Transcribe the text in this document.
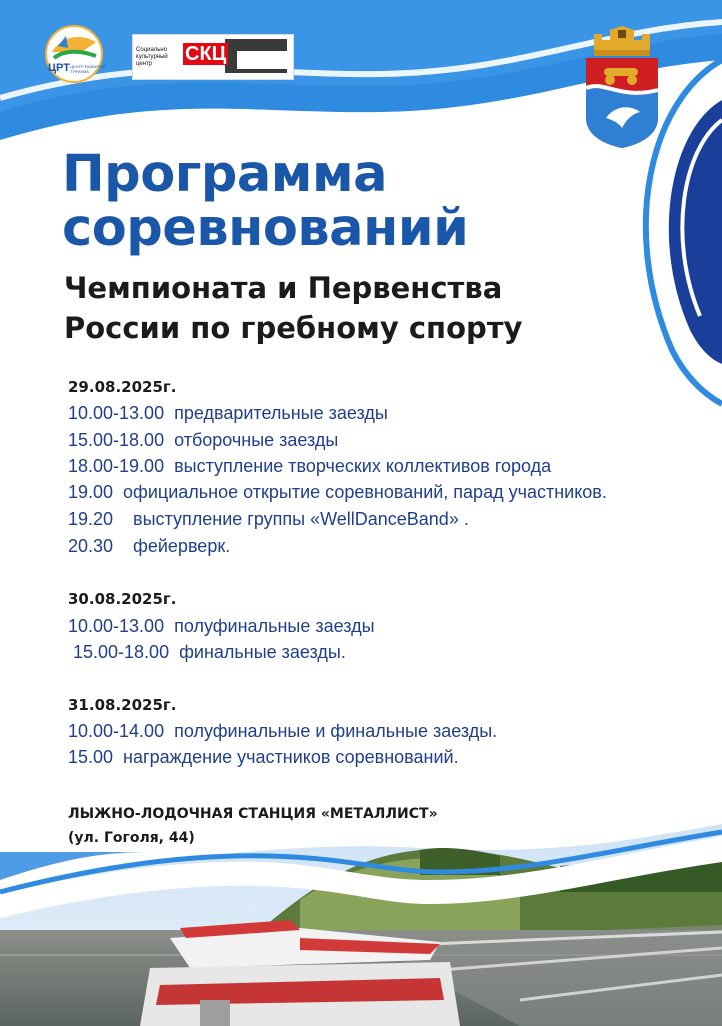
ЦРТ ЦЕНТР РАЗВИТИЯ ТУРИЗМА
Социально культурный центр	СКЦ
Программа
соревнований
Чемпионата и Первенства
России по гребному спорту
29.08.2025г.
10.00-13.00  предварительные заезды
15.00-18.00  отборочные заезды
18.00-19.00  выступление творческих коллективов города
19.00  официальное открытие соревнований, парад участников.
19.20    выступление группы «WellDanceBand» .
20.30    фейерверк.
30.08.2025г.
10.00-13.00  полуфинальные заезды
15.00-18.00  финальные заезды.
31.08.2025г.
10.00-14.00  полуфинальные и финальные заезды.
15.00  награждение участников соревнований.
ЛЫЖНО-ЛОДОЧНАЯ СТАНЦИЯ «МЕТАЛЛИСТ»
(ул. Гоголя, 44)
